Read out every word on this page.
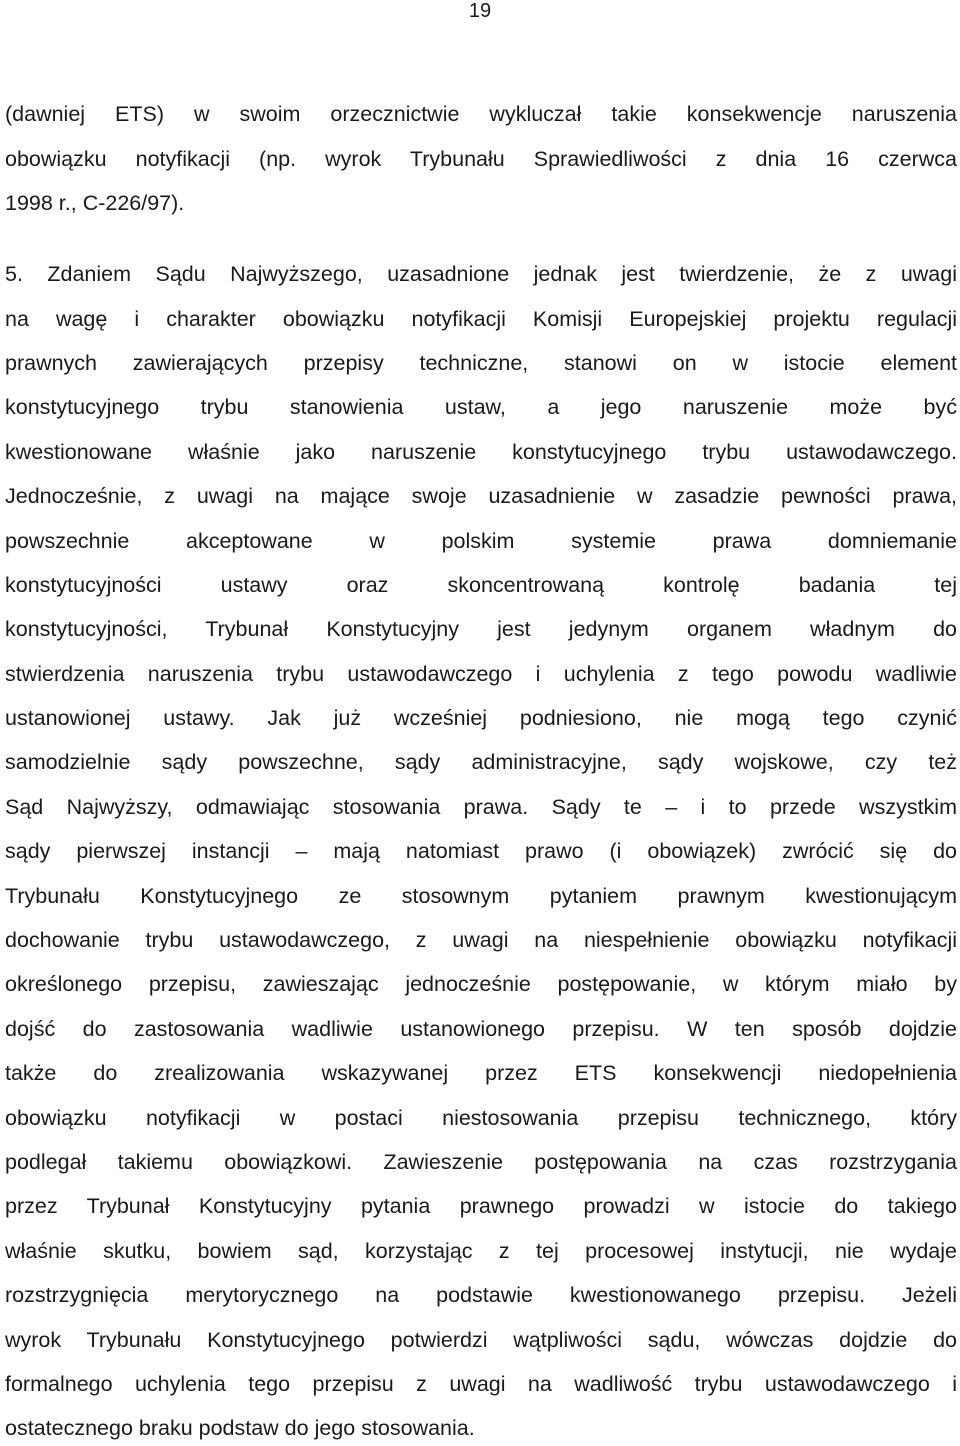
19
(dawniej ETS) w swoim orzecznictwie wykluczał takie konsekwencje naruszenia
obowiązku notyfikacji (np. wyrok Trybunału Sprawiedliwości z dnia 16 czerwca
1998 r., C-226/97).
5. Zdaniem Sądu Najwyższego, uzasadnione jednak jest twierdzenie, że z uwagi
na wagę i charakter obowiązku notyfikacji Komisji Europejskiej projektu regulacji
prawnych zawierających przepisy techniczne, stanowi on w istocie element
konstytucyjnego trybu stanowienia ustaw, a jego naruszenie może być
kwestionowane właśnie jako naruszenie konstytucyjnego trybu ustawodawczego.
Jednocześnie, z uwagi na mające swoje uzasadnienie w zasadzie pewności prawa,
powszechnie akceptowane w polskim systemie prawa domniemanie
konstytucyjności ustawy oraz skoncentrowaną kontrolę badania tej
konstytucyjności, Trybunał Konstytucyjny jest jedynym organem władnym do
stwierdzenia naruszenia trybu ustawodawczego i uchylenia z tego powodu wadliwie
ustanowionej ustawy. Jak już wcześniej podniesiono, nie mogą tego czynić
samodzielnie sądy powszechne, sądy administracyjne, sądy wojskowe, czy też
Sąd Najwyższy, odmawiając stosowania prawa. Sądy te – i to przede wszystkim
sądy pierwszej instancji – mają natomiast prawo (i obowiązek) zwrócić się do
Trybunału Konstytucyjnego ze stosownym pytaniem prawnym kwestionującym
dochowanie trybu ustawodawczego, z uwagi na niespełnienie obowiązku notyfikacji
określonego przepisu, zawieszając jednocześnie postępowanie, w którym miało by
dojść do zastosowania wadliwie ustanowionego przepisu. W ten sposób dojdzie
także do zrealizowania wskazywanej przez ETS konsekwencji niedopełnienia
obowiązku notyfikacji w postaci niestosowania przepisu technicznego, który
podlegał takiemu obowiązkowi. Zawieszenie postępowania na czas rozstrzygania
przez Trybunał Konstytucyjny pytania prawnego prowadzi w istocie do takiego
właśnie skutku, bowiem sąd, korzystając z tej procesowej instytucji, nie wydaje
rozstrzygnięcia merytorycznego na podstawie kwestionowanego przepisu. Jeżeli
wyrok Trybunału Konstytucyjnego potwierdzi wątpliwości sądu, wówczas dojdzie do
formalnego uchylenia tego przepisu z uwagi na wadliwość trybu ustawodawczego i
ostatecznego braku podstaw do jego stosowania.
